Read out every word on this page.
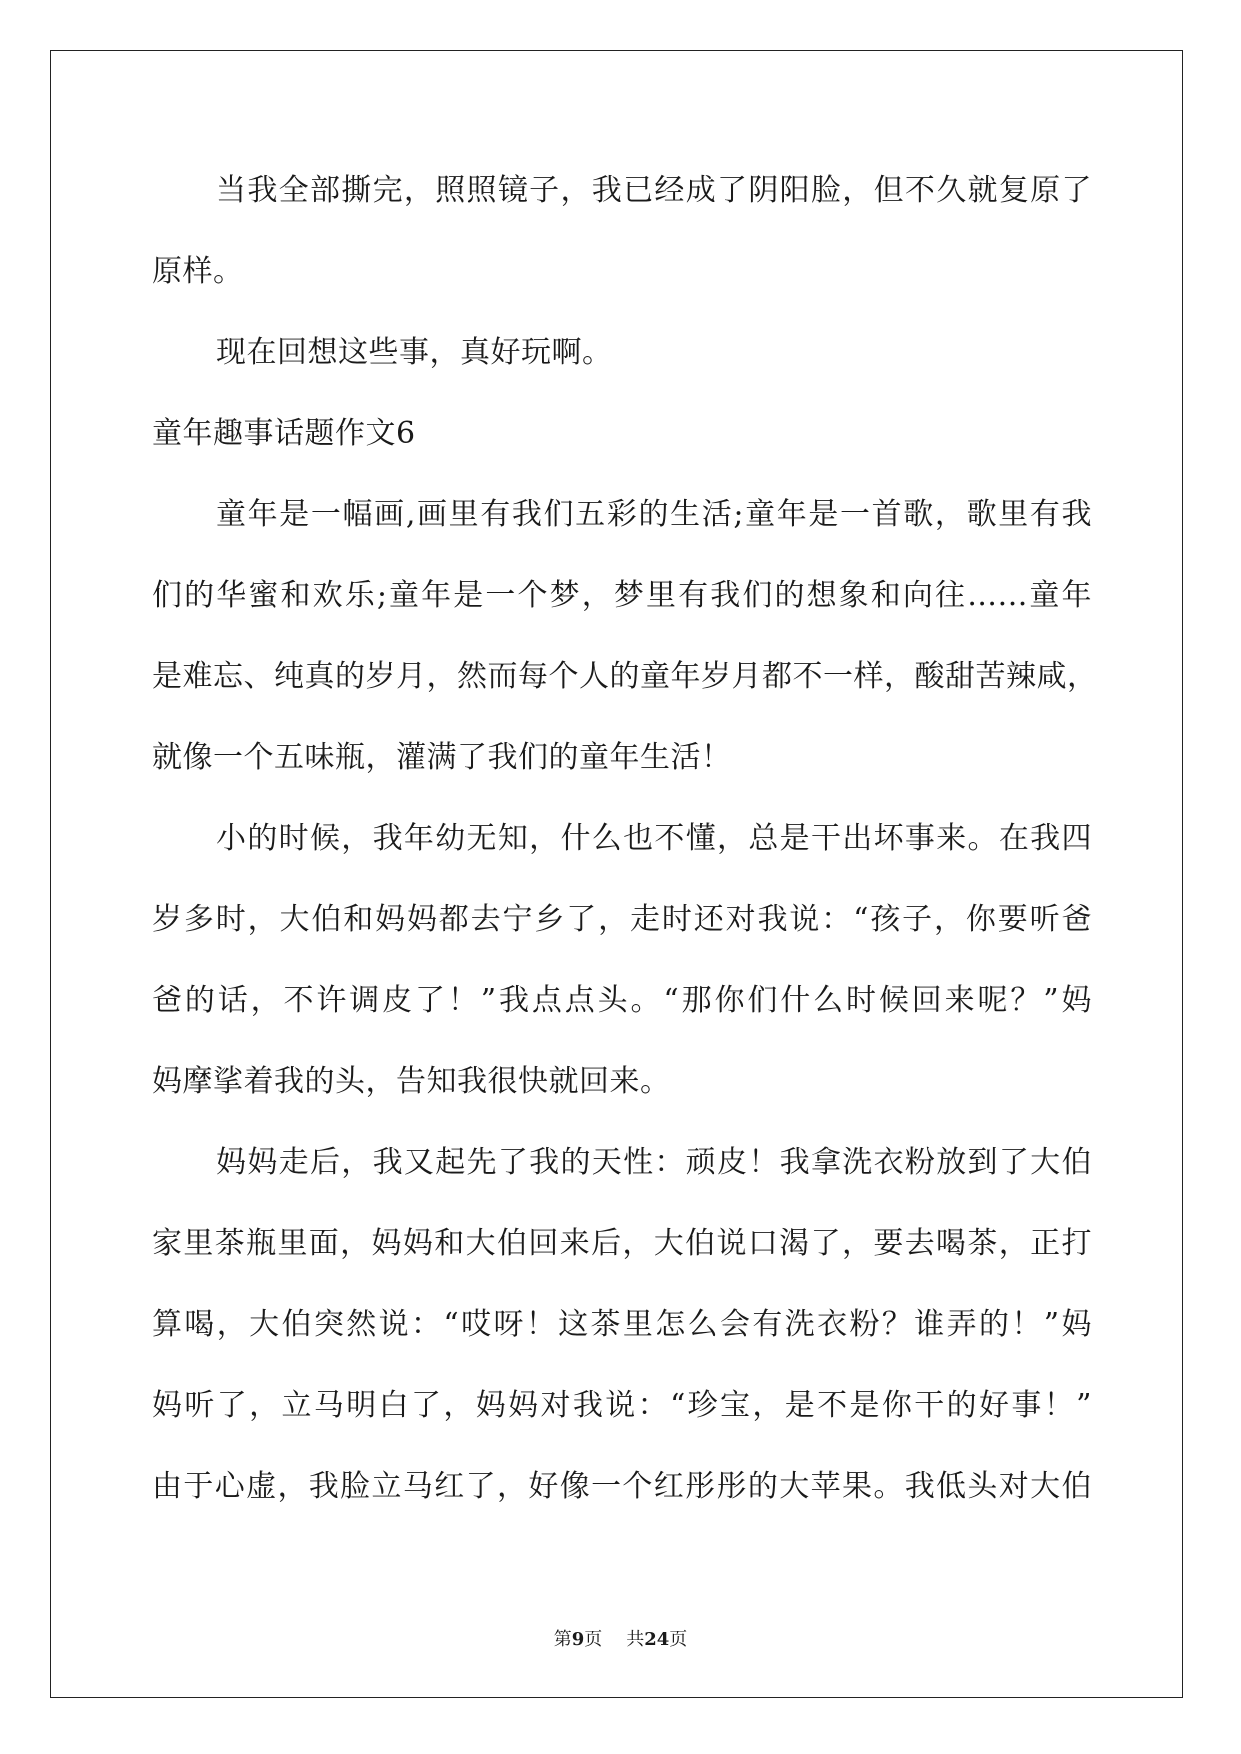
当我全部撕完，照照镜子，我已经成了阴阳脸，但不久就复原了
原样。
现在回想这些事，真好玩啊。
童年趣事话题作文6
童年是一幅画,画里有我们五彩的生活;童年是一首歌，歌里有我
们的华蜜和欢乐;童年是一个梦，梦里有我们的想象和向往…...童年
是难忘、纯真的岁月，然而每个人的童年岁月都不一样，酸甜苦辣咸，
就像一个五味瓶，灌满了我们的童年生活！
小的时候，我年幼无知，什么也不懂，总是干出坏事来。在我四
岁多时，大伯和妈妈都去宁乡了，走时还对我说：“孩子，你要听爸
爸的话，不许调皮了！”我点点头。“那你们什么时候回来呢？”妈
妈摩挲着我的头，告知我很快就回来。
妈妈走后，我又起先了我的天性：顽皮！我拿洗衣粉放到了大伯
家里茶瓶里面，妈妈和大伯回来后，大伯说口渴了，要去喝茶，正打
算喝，大伯突然说：“哎呀！这茶里怎么会有洗衣粉？谁弄的！”妈
妈听了，立马明白了，妈妈对我说：“珍宝，是不是你干的好事！”
由于心虚，我脸立马红了，好像一个红彤彤的大苹果。我低头对大伯
第9页 共24页
